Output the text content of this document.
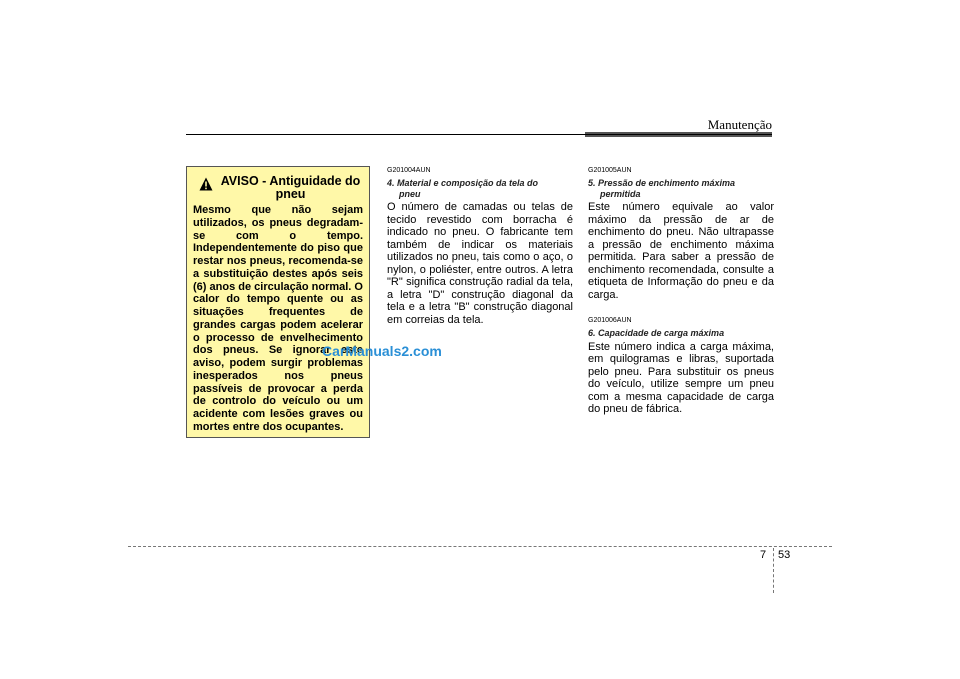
Manutenção
AVISO - Antiguidade do pneu
Mesmo que não sejam utilizados, os pneus degradam-se com o tempo. Independentemente do piso que restar nos pneus, recomenda-se a substituição destes após seis (6) anos de circulação normal. O calor do tempo quente ou as situações frequentes de grandes cargas podem acelerar o processo de envelhecimento dos pneus. Se ignorar este aviso, podem surgir problemas inesperados nos pneus passíveis de provocar a perda de controlo do veículo ou um acidente com lesões graves ou mortes entre dos ocupantes.
G201004AUN
4. Material e composição da tela do
pneu

O número de camadas ou telas de tecido revestido com borracha é indicado no pneu. O fabricante tem também de indicar os materiais utilizados no pneu, tais como o aço, o nylon, o poliéster, entre outros. A letra "R" significa construção radial da tela, a letra "D" construção diagonal da tela e a letra "B" construção diagonal em correias da tela.

G201005AUN
5. Pressão de enchimento máxima
permitida

Este número equivale ao valor máximo da pressão de ar de enchimento do pneu. Não ultrapasse a pressão de enchimento máxima permitida. Para saber a pressão de enchimento recomendada, consulte a etiqueta de Informação do pneu e da carga.

G201006AUN
6. Capacidade de carga máxima

Este número indica a carga máxima, em quilogramas e libras, suportada pelo pneu. Para substituir os pneus do veículo, utilize sempre um pneu com a mesma capacidade de carga do pneu de fábrica.

CarManuals2.com
7 53
